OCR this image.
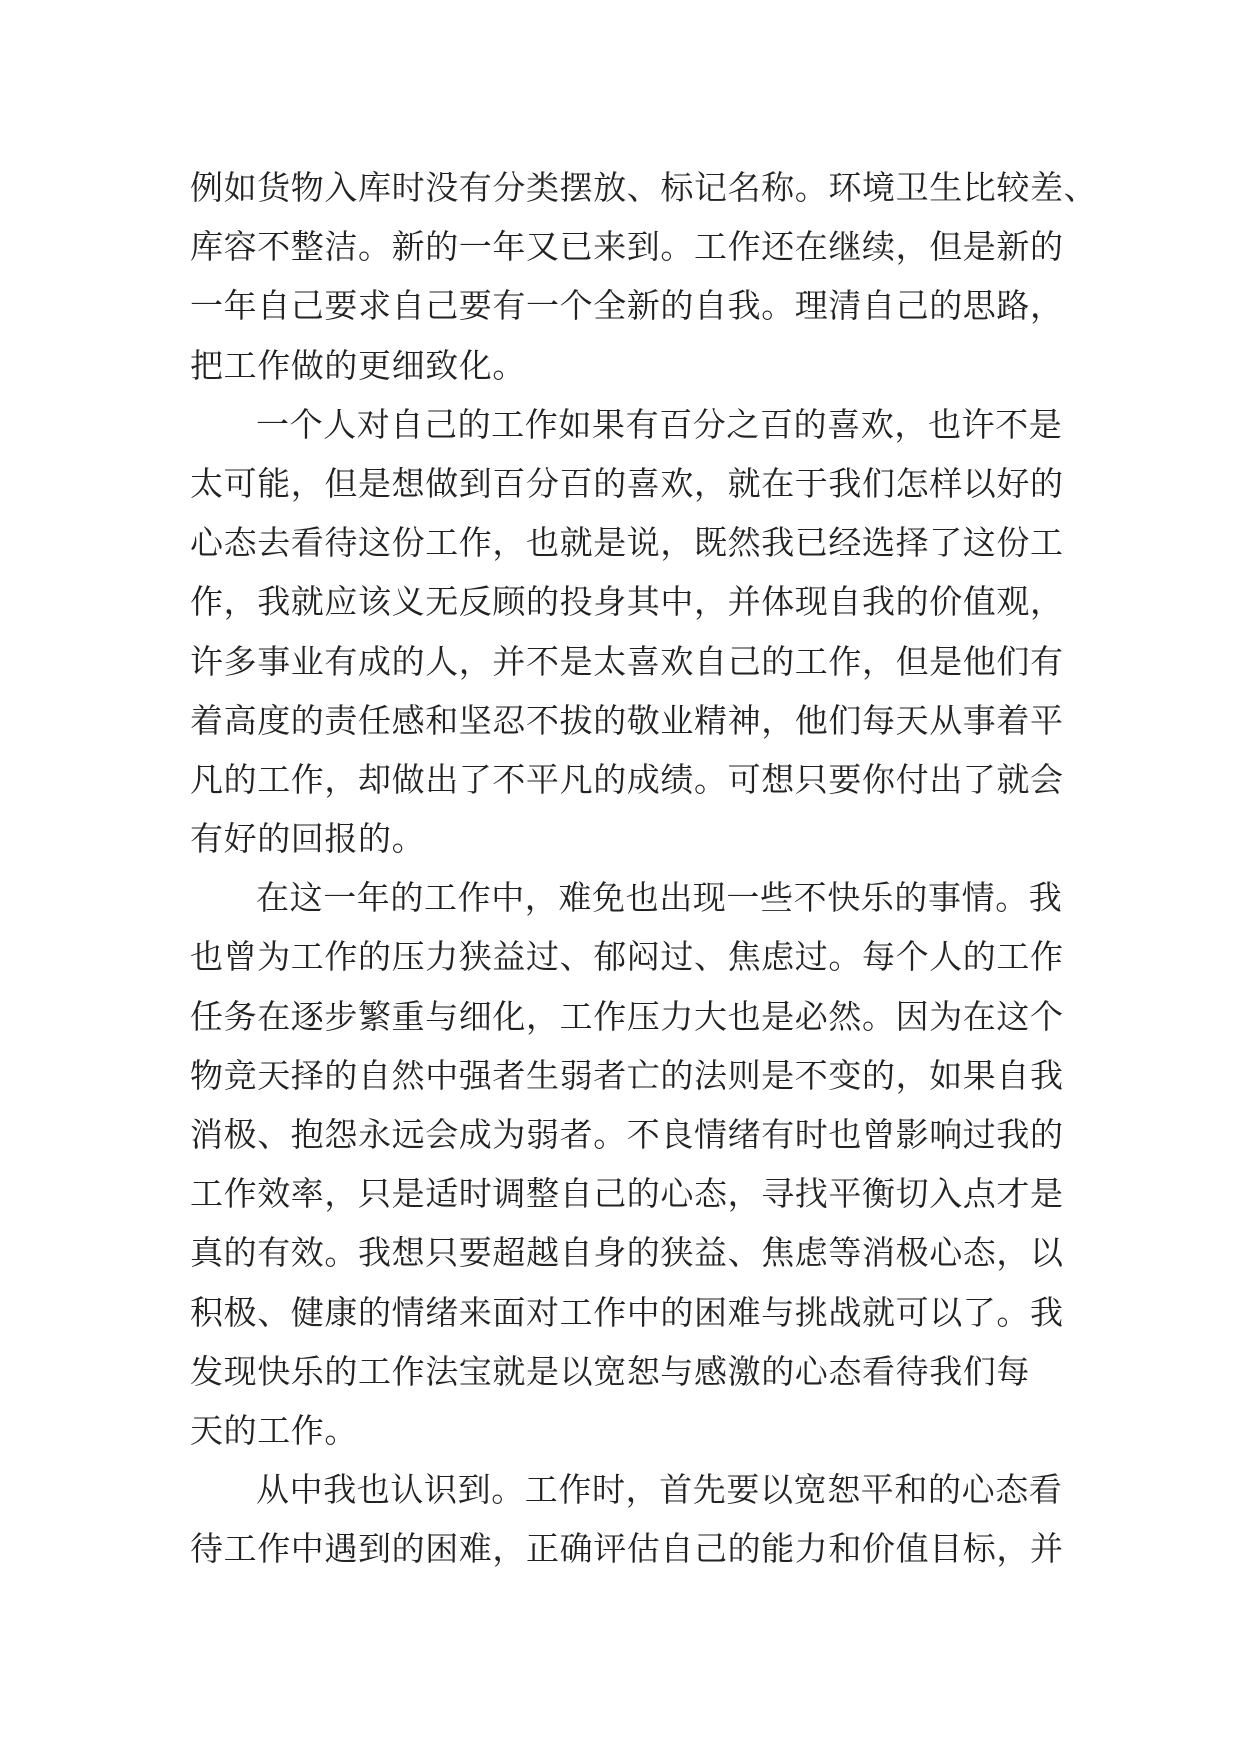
例如货物入库时没有分类摆放、标记名称。环境卫生比较差、
库容不整洁。新的一年又已来到。工作还在继续，但是新的
一年自己要求自己要有一个全新的自我。理清自己的思路，
把工作做的更细致化。
一个人对自己的工作如果有百分之百的喜欢，也许不是
太可能，但是想做到百分百的喜欢，就在于我们怎样以好的
心态去看待这份工作，也就是说，既然我已经选择了这份工
作，我就应该义无反顾的投身其中，并体现自我的价值观，
许多事业有成的人，并不是太喜欢自己的工作，但是他们有
着高度的责任感和坚忍不拔的敬业精神，他们每天从事着平
凡的工作，却做出了不平凡的成绩。可想只要你付出了就会
有好的回报的。
在这一年的工作中，难免也出现一些不快乐的事情。我
也曾为工作的压力狭益过、郁闷过、焦虑过。每个人的工作
任务在逐步繁重与细化，工作压力大也是必然。因为在这个
物竞天择的自然中强者生弱者亡的法则是不变的，如果自我
消极、抱怨永远会成为弱者。不良情绪有时也曾影响过我的
工作效率，只是适时调整自己的心态，寻找平衡切入点才是
真的有效。我想只要超越自身的狭益、焦虑等消极心态，以
积极、健康的情绪来面对工作中的困难与挑战就可以了。我
发现快乐的工作法宝就是以宽恕与感激的心态看待我们每
天的工作。
从中我也认识到。工作时，首先要以宽恕平和的心态看
待工作中遇到的困难，正确评估自己的能力和价值目标，并
